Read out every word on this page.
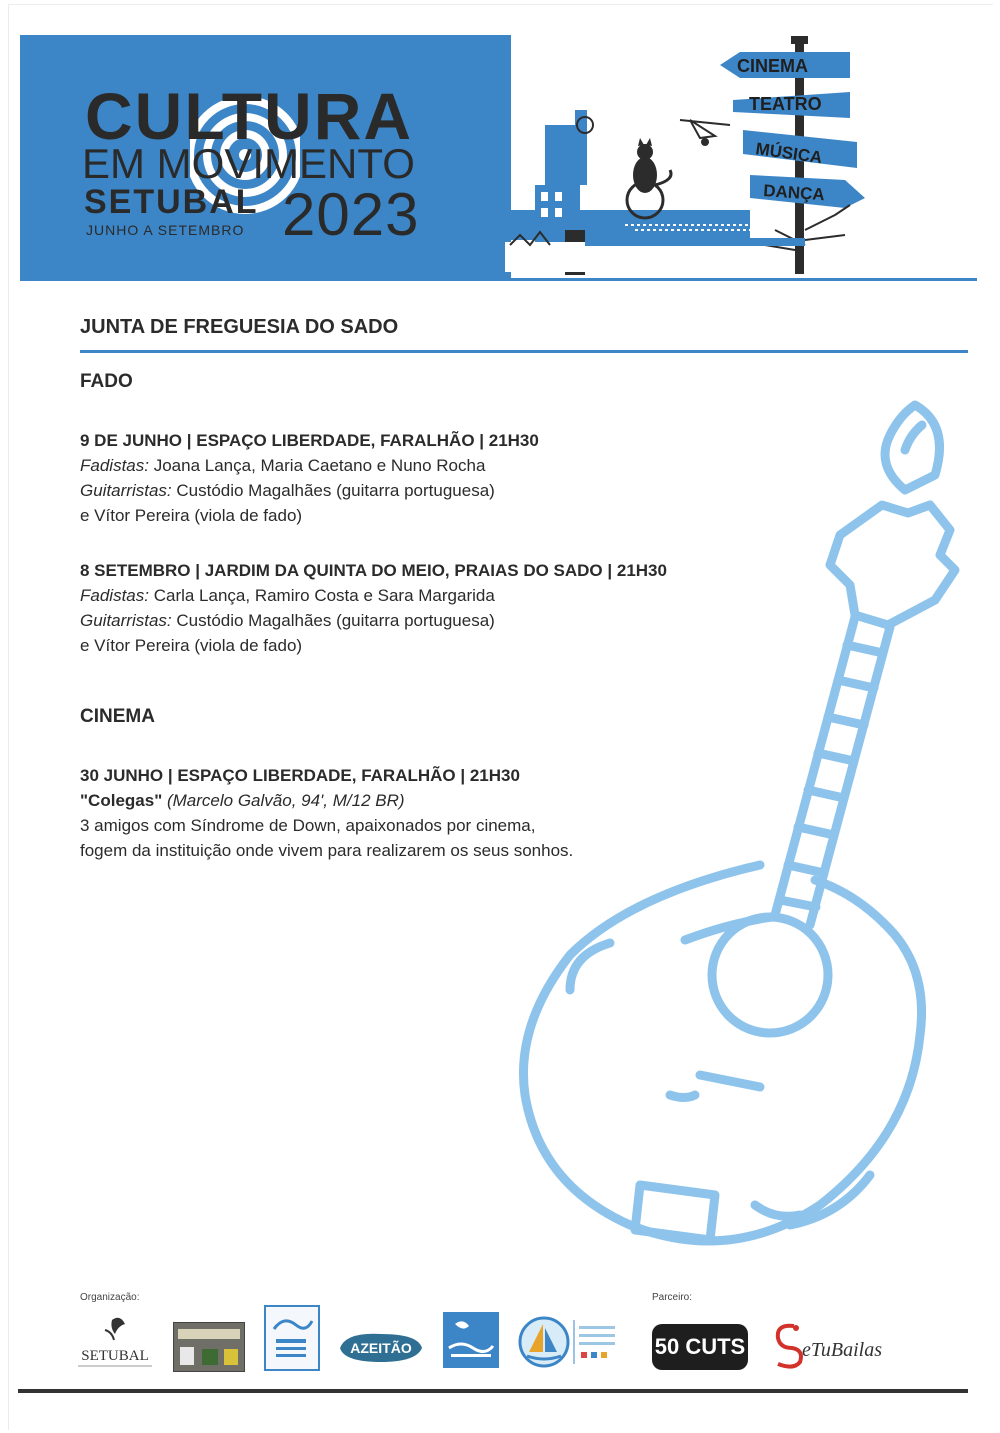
CULTURA
EM MOVIMENTO
SETUBAL
JUNHO A SETEMBRO 2023
CINEMA
TEATRO
MÚSICA
DANÇA
JUNTA DE FREGUESIA DO SADO
FADO
9 DE JUNHO | ESPAÇO LIBERDADE, FARALHÃO | 21H30
Fadistas: Joana Lança, Maria Caetano e Nuno Rocha
Guitarristas: Custódio Magalhães (guitarra portuguesa)
e Vítor Pereira (viola de fado)
8 SETEMBRO | JARDIM DA QUINTA DO MEIO, PRAIAS DO SADO | 21H30
Fadistas: Carla Lança, Ramiro Costa e Sara Margarida
Guitarristas: Custódio Magalhães (guitarra portuguesa)
e Vítor Pereira (viola de fado)
CINEMA
30 JUNHO | ESPAÇO LIBERDADE, FARALHÃO | 21H30
"Colegas" (Marcelo Galvão, 94', M/12 BR)
3 amigos com Síndrome de Down, apaixonados por cinema,
fogem da instituição onde vivem para realizarem os seus sonhos.
Organização:	Parceiro:
SETUBAL	AZEITÃO	50 CUTS	eTuBailas
